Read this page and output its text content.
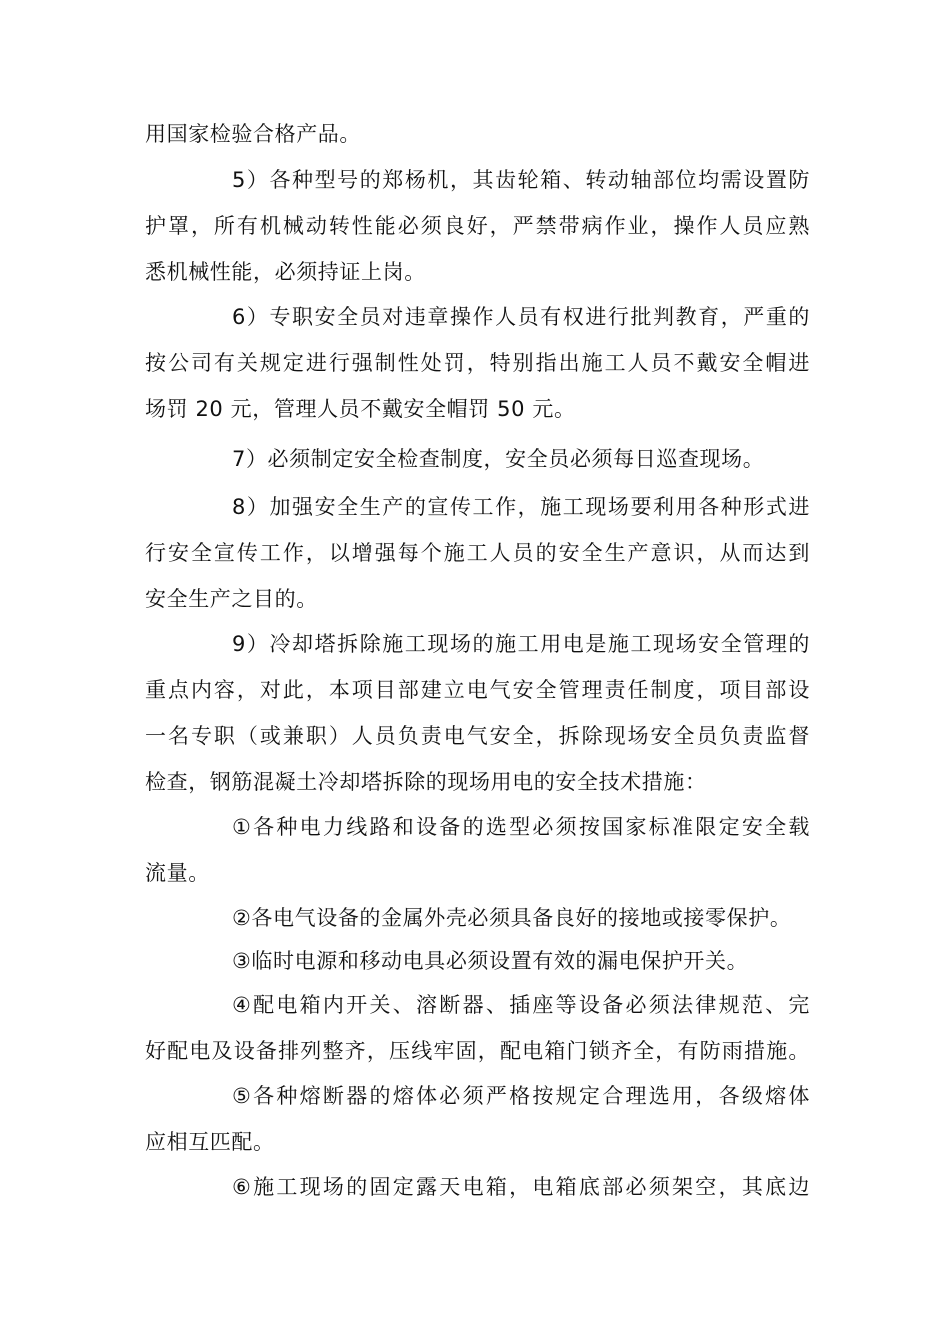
用国家检验合格产品。
5）各种型号的郑杨机，其齿轮箱、转动轴部位均需设置防
护罩，所有机械动转性能必须良好，严禁带病作业，操作人员应熟
悉机械性能，必须持证上岗。
6）专职安全员对违章操作人员有权进行批判教育，严重的
按公司有关规定进行强制性处罚，特别指出施工人员不戴安全帽进
场罚 20 元，管理人员不戴安全帽罚 50 元。
7）必须制定安全检查制度，安全员必须每日巡查现场。
8）加强安全生产的宣传工作，施工现场要利用各种形式进
行安全宣传工作，以增强每个施工人员的安全生产意识，从而达到
安全生产之目的。
9）冷却塔拆除施工现场的施工用电是施工现场安全管理的
重点内容，对此，本项目部建立电气安全管理责任制度，项目部设
一名专职（或兼职）人员负责电气安全，拆除现场安全员负责监督
检查，钢筋混凝土冷却塔拆除的现场用电的安全技术措施：
①各种电力线路和设备的选型必须按国家标准限定安全载
流量。
②各电气设备的金属外壳必须具备良好的接地或接零保护。
③临时电源和移动电具必须设置有效的漏电保护开关。
④配电箱内开关、溶断器、插座等设备必须法律规范、完
好配电及设备排列整齐，压线牢固，配电箱门锁齐全，有防雨措施。
⑤各种熔断器的熔体必须严格按规定合理选用，各级熔体
应相互匹配。
⑥施工现场的固定露天电箱，电箱底部必须架空，其底边
